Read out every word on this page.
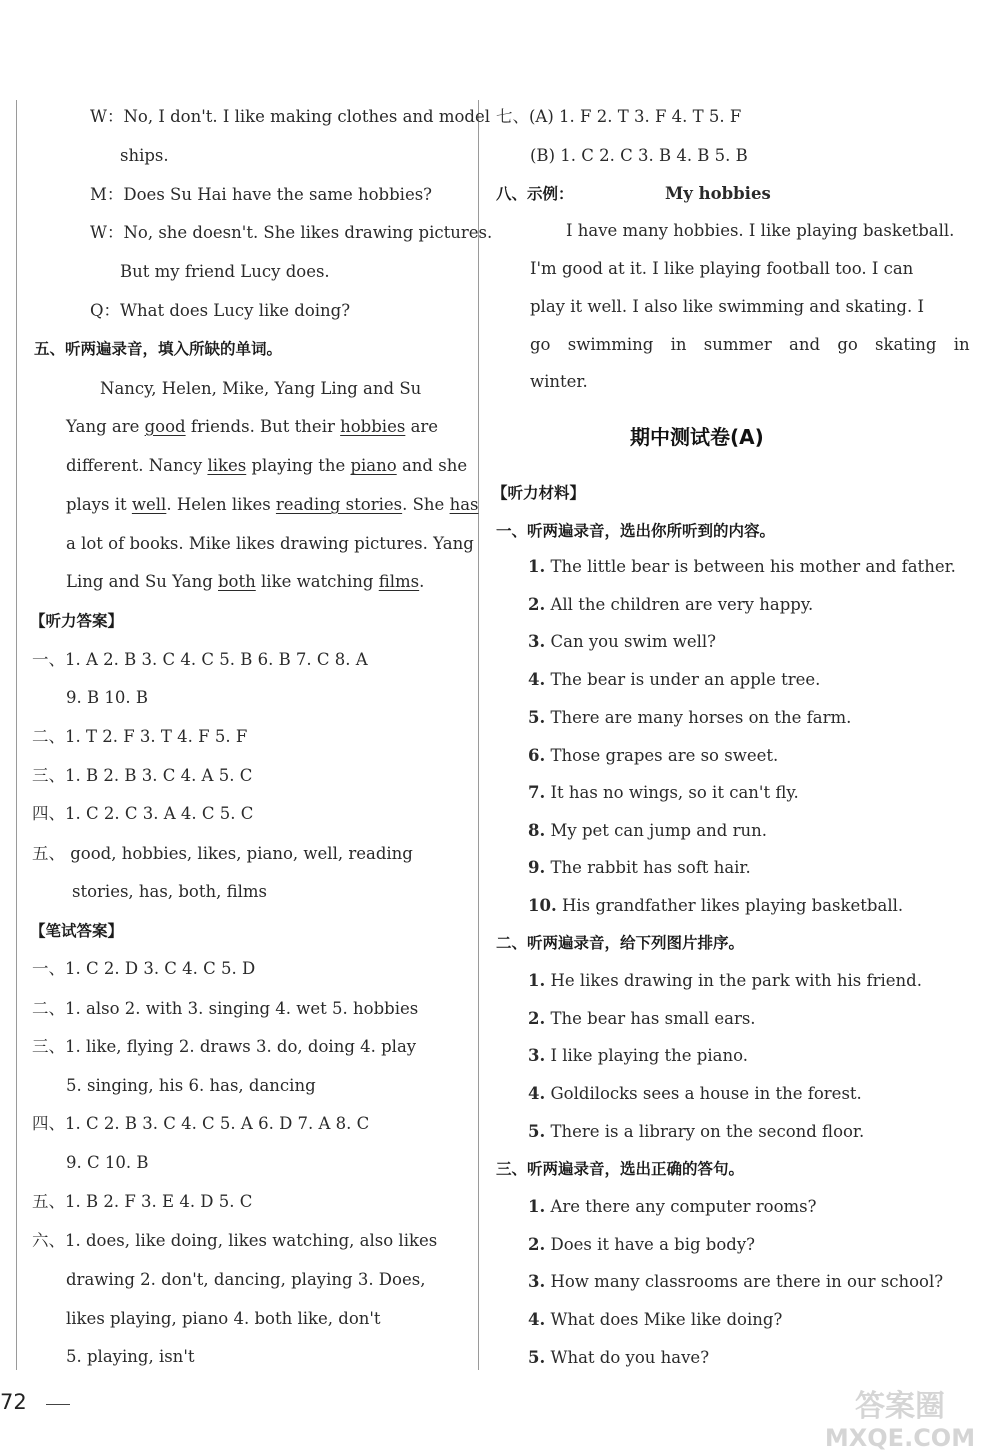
W：No, I don't. I like making clothes and model
ships.
M：Does Su Hai have the same hobbies?
W：No, she doesn't. She likes drawing pictures.
But my friend Lucy does.
Q：What does Lucy like doing?
五、听两遍录音，填入所缺的单词。
Nancy, Helen, Mike, Yang Ling and Su
Yang are good friends. But their hobbies are
different. Nancy likes playing the piano and she
plays it well. Helen likes reading stories. She has
a lot of books. Mike likes drawing pictures. Yang
Ling and Su Yang both like watching films.
【听力答案】
一、1. A 2. B 3. C 4. C 5. B 6. B 7. C 8. A
9. B 10. B
二、1. T 2. F 3. T 4. F 5. F
三、1. B 2. B 3. C 4. A 5. C
四、1. C 2. C 3. A 4. C 5. C
五、 good, hobbies, likes, piano, well, reading
stories, has, both, films
【笔试答案】
一、1. C 2. D 3. C 4. C 5. D
二、1. also 2. with 3. singing 4. wet 5. hobbies
三、1. like, flying 2. draws 3. do, doing 4. play
5. singing, his 6. has, dancing
四、1. C 2. B 3. C 4. C 5. A 6. D 7. A 8. C
9. C 10. B
五、1. B 2. F 3. E 4. D 5. C
六、1. does, like doing, likes watching, also likes
drawing 2. don't, dancing, playing 3. Does,
likes playing, piano 4. both like, don't
5. playing, isn't
七、(A) 1. F 2. T 3. F 4. T 5. F
(B) 1. C 2. C 3. B 4. B 5. B
八、示例：	My hobbies
I have many hobbies. I like playing basketball.
I'm good at it. I like playing football too. I can
play it well. I also like swimming and skating. I
go swimming in summer and go skating in
winter.
期中测试卷(A)
【听力材料】
一、听两遍录音，选出你所听到的内容。
1. The little bear is between his mother and father.
2. All the children are very happy.
3. Can you swim well?
4. The bear is under an apple tree.
5. There are many horses on the farm.
6. Those grapes are so sweet.
7. It has no wings, so it can't fly.
8. My pet can jump and run.
9. The rabbit has soft hair.
10. His grandfather likes playing basketball.
二、听两遍录音，给下列图片排序。
1. He likes drawing in the park with his friend.
2. The bear has small ears.
3. I like playing the piano.
4. Goldilocks sees a house in the forest.
5. There is a library on the second floor.
三、听两遍录音，选出正确的答句。
1. Are there any computer rooms?
2. Does it have a big body?
3. How many classrooms are there in our school?
4. What does Mike like doing?
5. What do you have?
72	答案圈
MXQE.COM
